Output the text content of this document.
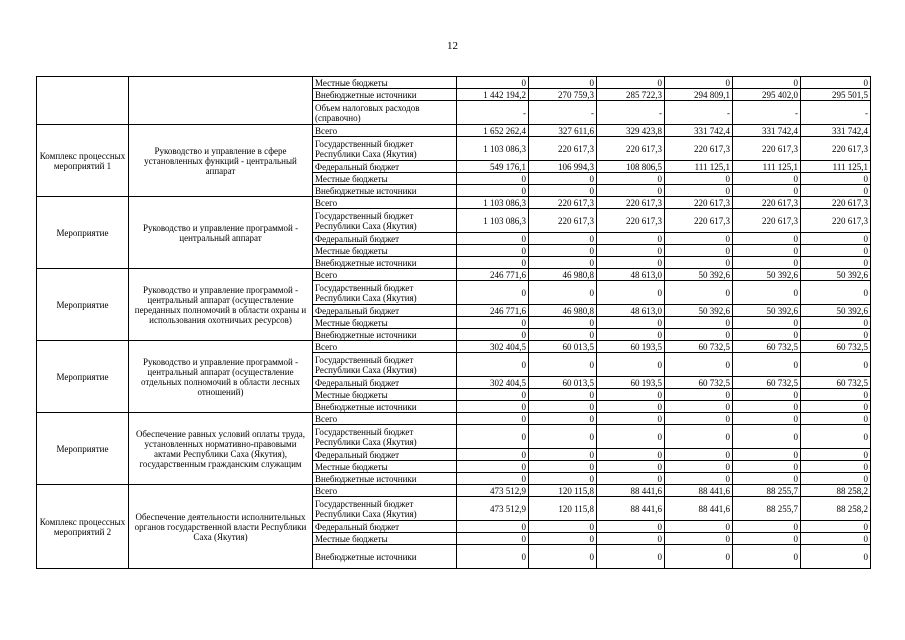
12
		Местные бюджеты	0	0	0	0	0	0
		Внебюджетные источники	1 442 194,2	270 759,3	285 722,3	294 809,1	295 402,0	295 501,5
		Объем налоговых расходов (справочно)	-	-	-	-	-	-
Комплекс процессных мероприятий 1	Руководство и управление в сфере установленных функций - центральный аппарат	Всего	1 652 262,4	327 611,6	329 423,8	331 742,4	331 742,4	331 742,4
		Государственный бюджет Республики Саха (Якутия)	1 103 086,3	220 617,3	220 617,3	220 617,3	220 617,3	220 617,3
		Федеральный бюджет	549 176,1	106 994,3	108 806,5	111 125,1	111 125,1	111 125,1
		Местные бюджеты	0	0	0	0	0	0
		Внебюджетные источники	0	0	0	0	0	0
Мероприятие	Руководство и управление программой - центральный аппарат	Всего	1 103 086,3	220 617,3	220 617,3	220 617,3	220 617,3	220 617,3
		Государственный бюджет Республики Саха (Якутия)	1 103 086,3	220 617,3	220 617,3	220 617,3	220 617,3	220 617,3
		Федеральный бюджет	0	0	0	0	0	0
		Местные бюджеты	0	0	0	0	0	0
		Внебюджетные источники	0	0	0	0	0	0
Мероприятие	Руководство и управление программой - центральный аппарат (осуществление переданных полномочий в области охраны и использования охотничьих ресурсов)	Всего	246 771,6	46 980,8	48 613,0	50 392,6	50 392,6	50 392,6
		Государственный бюджет Республики Саха (Якутия)	0	0	0	0	0	0
		Федеральный бюджет	246 771,6	46 980,8	48 613,0	50 392,6	50 392,6	50 392,6
		Местные бюджеты	0	0	0	0	0	0
		Внебюджетные источники	0	0	0	0	0	0
Мероприятие	Руководство и управление программой - центральный аппарат (осуществление отдельных полномочий в области лесных отношений)	Всего	302 404,5	60 013,5	60 193,5	60 732,5	60 732,5	60 732,5
		Государственный бюджет Республики Саха (Якутия)	0	0	0	0	0	0
		Федеральный бюджет	302 404,5	60 013,5	60 193,5	60 732,5	60 732,5	60 732,5
		Местные бюджеты	0	0	0	0	0	0
		Внебюджетные источники	0	0	0	0	0	0
Мероприятие	Обеспечение равных условий оплаты труда, установленных нормативно-правовыми актами Республики Саха (Якутия), государственным гражданским служащим	Всего	0	0	0	0	0	0
		Государственный бюджет Республики Саха (Якутия)	0	0	0	0	0	0
		Федеральный бюджет	0	0	0	0	0	0
		Местные бюджеты	0	0	0	0	0	0
		Внебюджетные источники	0	0	0	0	0	0
Комплекс процессных мероприятий 2	Обеспечение деятельности исполнительных органов государственной власти Республики Саха (Якутия)	Всего	473 512,9	120 115,8	88 441,6	88 441,6	88 255,7	88 258,2
		Государственный бюджет Республики Саха (Якутия)	473 512,9	120 115,8	88 441,6	88 441,6	88 255,7	88 258,2
		Федеральный бюджет	0	0	0	0	0	0
		Местные бюджеты	0	0	0	0	0	0
		Внебюджетные источники	0	0	0	0	0	0
